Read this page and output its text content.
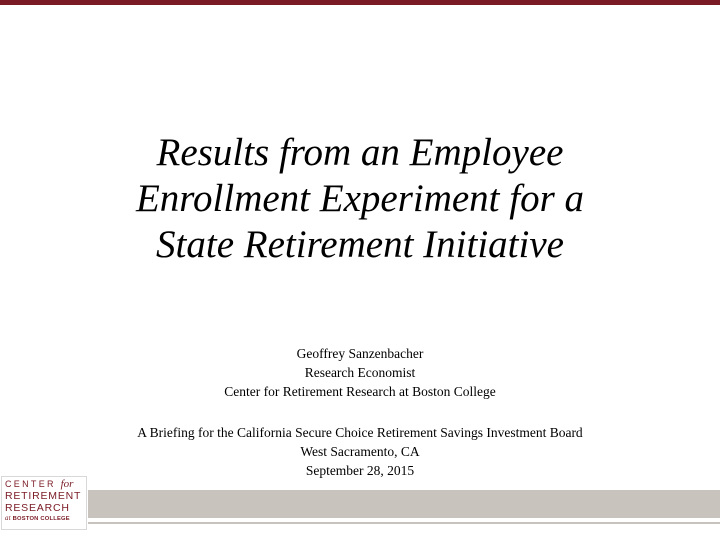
Results from an Employee
Enrollment Experiment for a
State Retirement Initiative
Geoffrey Sanzenbacher
Research Economist
Center for Retirement Research at Boston College
A Briefing for the California Secure Choice Retirement Savings Investment Board
West Sacramento, CA
September 28, 2015
CENTER for
RETIREMENT
RESEARCH
at BOSTON COLLEGE
